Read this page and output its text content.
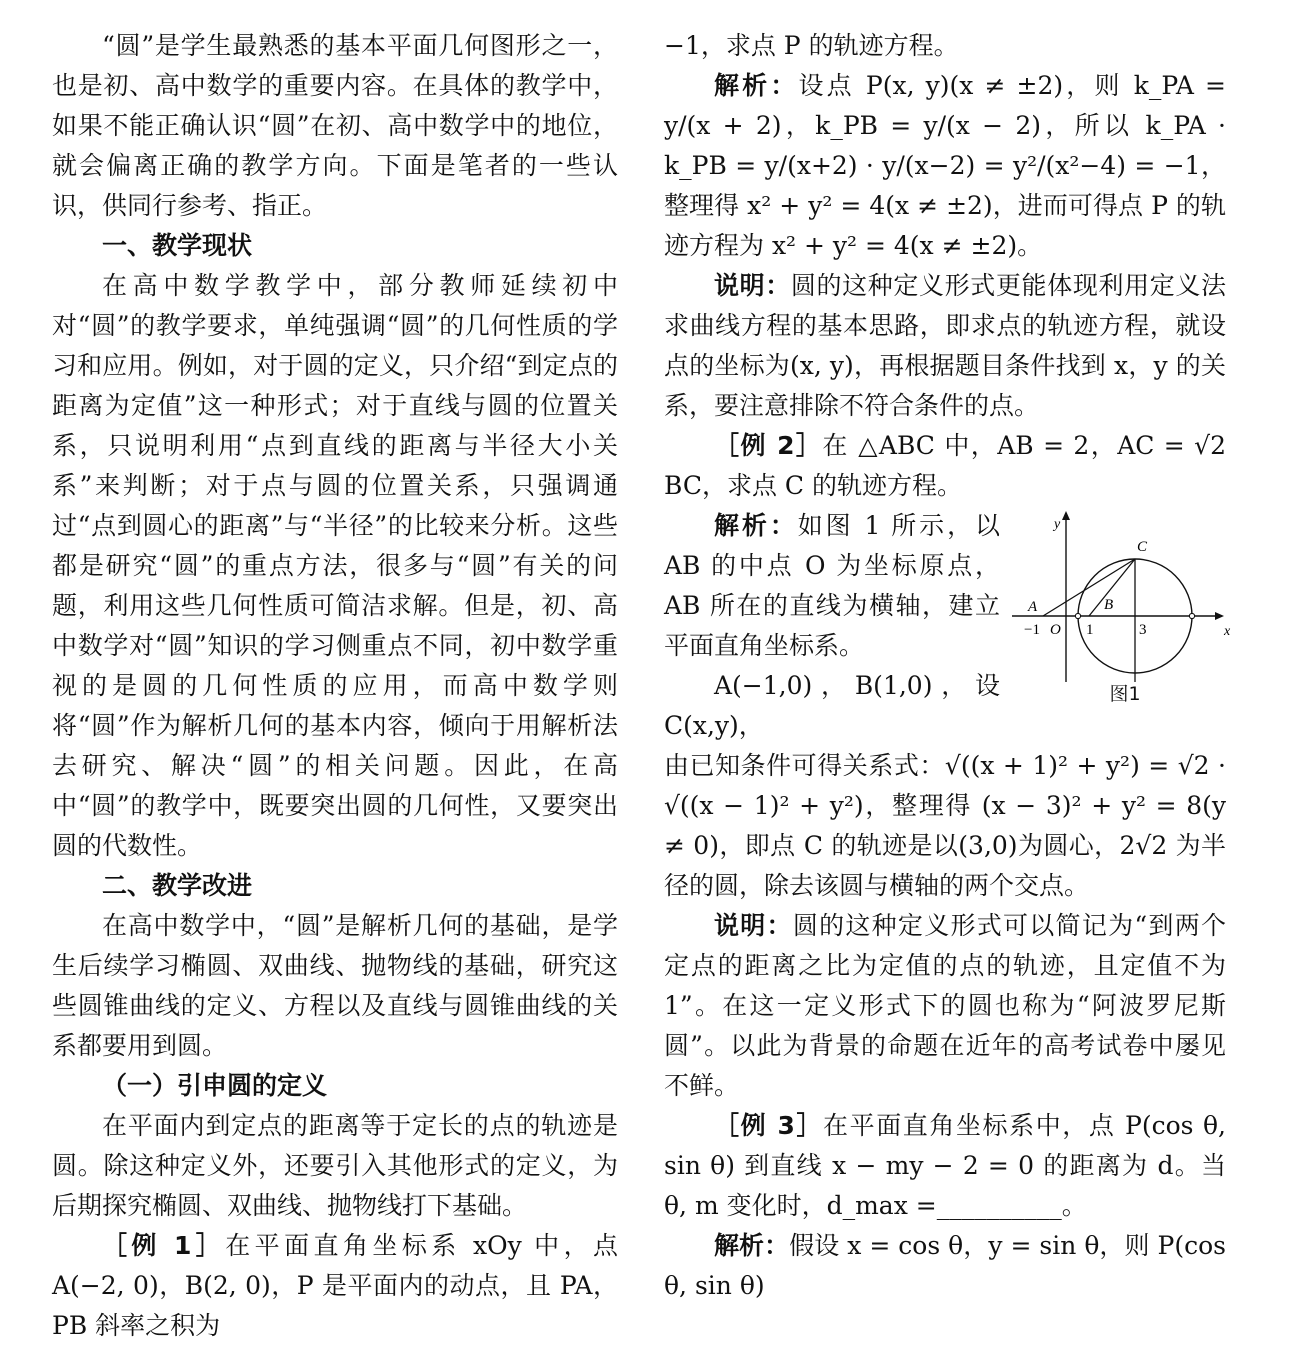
“圆”是学生最熟悉的基本平面几何图形之一，也是初、高中数学的重要内容。在具体的教学中，如果不能正确认识“圆”在初、高中数学中的地位，就会偏离正确的教学方向。下面是笔者的一些认识，供同行参考、指正。

一、教学现状

在高中数学教学中，部分教师延续初中对“圆”的教学要求，单纯强调“圆”的几何性质的学习和应用。例如，对于圆的定义，只介绍“到定点的距离为定值”这一种形式；对于直线与圆的位置关系，只说明利用“点到直线的距离与半径大小关系”来判断；对于点与圆的位置关系，只强调通过“点到圆心的距离”与“半径”的比较来分析。这些都是研究“圆”的重点方法，很多与“圆”有关的问题，利用这些几何性质可简洁求解。但是，初、高中数学对“圆”知识的学习侧重点不同，初中数学重视的是圆的几何性质的应用，而高中数学则将“圆”作为解析几何的基本内容，倾向于用解析法去研究、解决“圆”的相关问题。因此，在高中“圆”的教学中，既要突出圆的几何性，又要突出圆的代数性。

二、教学改进

在高中数学中，“圆”是解析几何的基础，是学生后续学习椭圆、双曲线、抛物线的基础，研究这些圆锥曲线的定义、方程以及直线与圆锥曲线的关系都要用到圆。

（一）引申圆的定义

在平面内到定点的距离等于定长的点的轨迹是圆。除这种定义外，还要引入其他形式的定义，为后期探究椭圆、双曲线、抛物线打下基础。

［例 1］在平面直角坐标系 xOy 中，点 A(−2, 0)，B(2, 0)，P 是平面内的动点，且 PA，PB 斜率之积为

−1，求点 P 的轨迹方程。

解析：设点 P(x, y)(x ≠ ±2)，则 k_PA = y/(x + 2)，k_PB = y/(x − 2)，所以 k_PA · k_PB = y/(x+2) · y/(x−2) = y²/(x²−4) = −1，整理得 x² + y² = 4(x ≠ ±2)，进而可得点 P 的轨迹方程为 x² + y² = 4(x ≠ ±2)。

说明：圆的这种定义形式更能体现利用定义法求曲线方程的基本思路，即求点的轨迹方程，就设点的坐标为(x, y)，再根据题目条件找到 x，y 的关系，要注意排除不符合条件的点。

［例 2］在 △ABC 中，AB = 2，AC = √2 BC，求点 C 的轨迹方程。

y
x
A	B
C
O
−1	1	3
图1

解析：如图 1 所示，以 AB 的中点 O 为坐标原点，AB 所在的直线为横轴，建立平面直角坐标系。

A(−1,0)，B(1,0)，设 C(x,y)，

由已知条件可得关系式：√((x + 1)² + y²) = √2 · √((x − 1)² + y²)，整理得 (x − 3)² + y² = 8(y ≠ 0)，即点 C 的轨迹是以(3,0)为圆心，2√2 为半径的圆，除去该圆与横轴的两个交点。

说明：圆的这种定义形式可以简记为“到两个定点的距离之比为定值的点的轨迹，且定值不为 1”。在这一定义形式下的圆也称为“阿波罗尼斯圆”。以此为背景的命题在近年的高考试卷中屡见不鲜。

［例 3］在平面直角坐标系中，点 P(cos θ, sin θ) 到直线 x − my − 2 = 0 的距离为 d。当 θ, m 变化时，d_max =__________。

解析：假设 x = cos θ，y = sin θ，则 P(cos θ, sin θ)
